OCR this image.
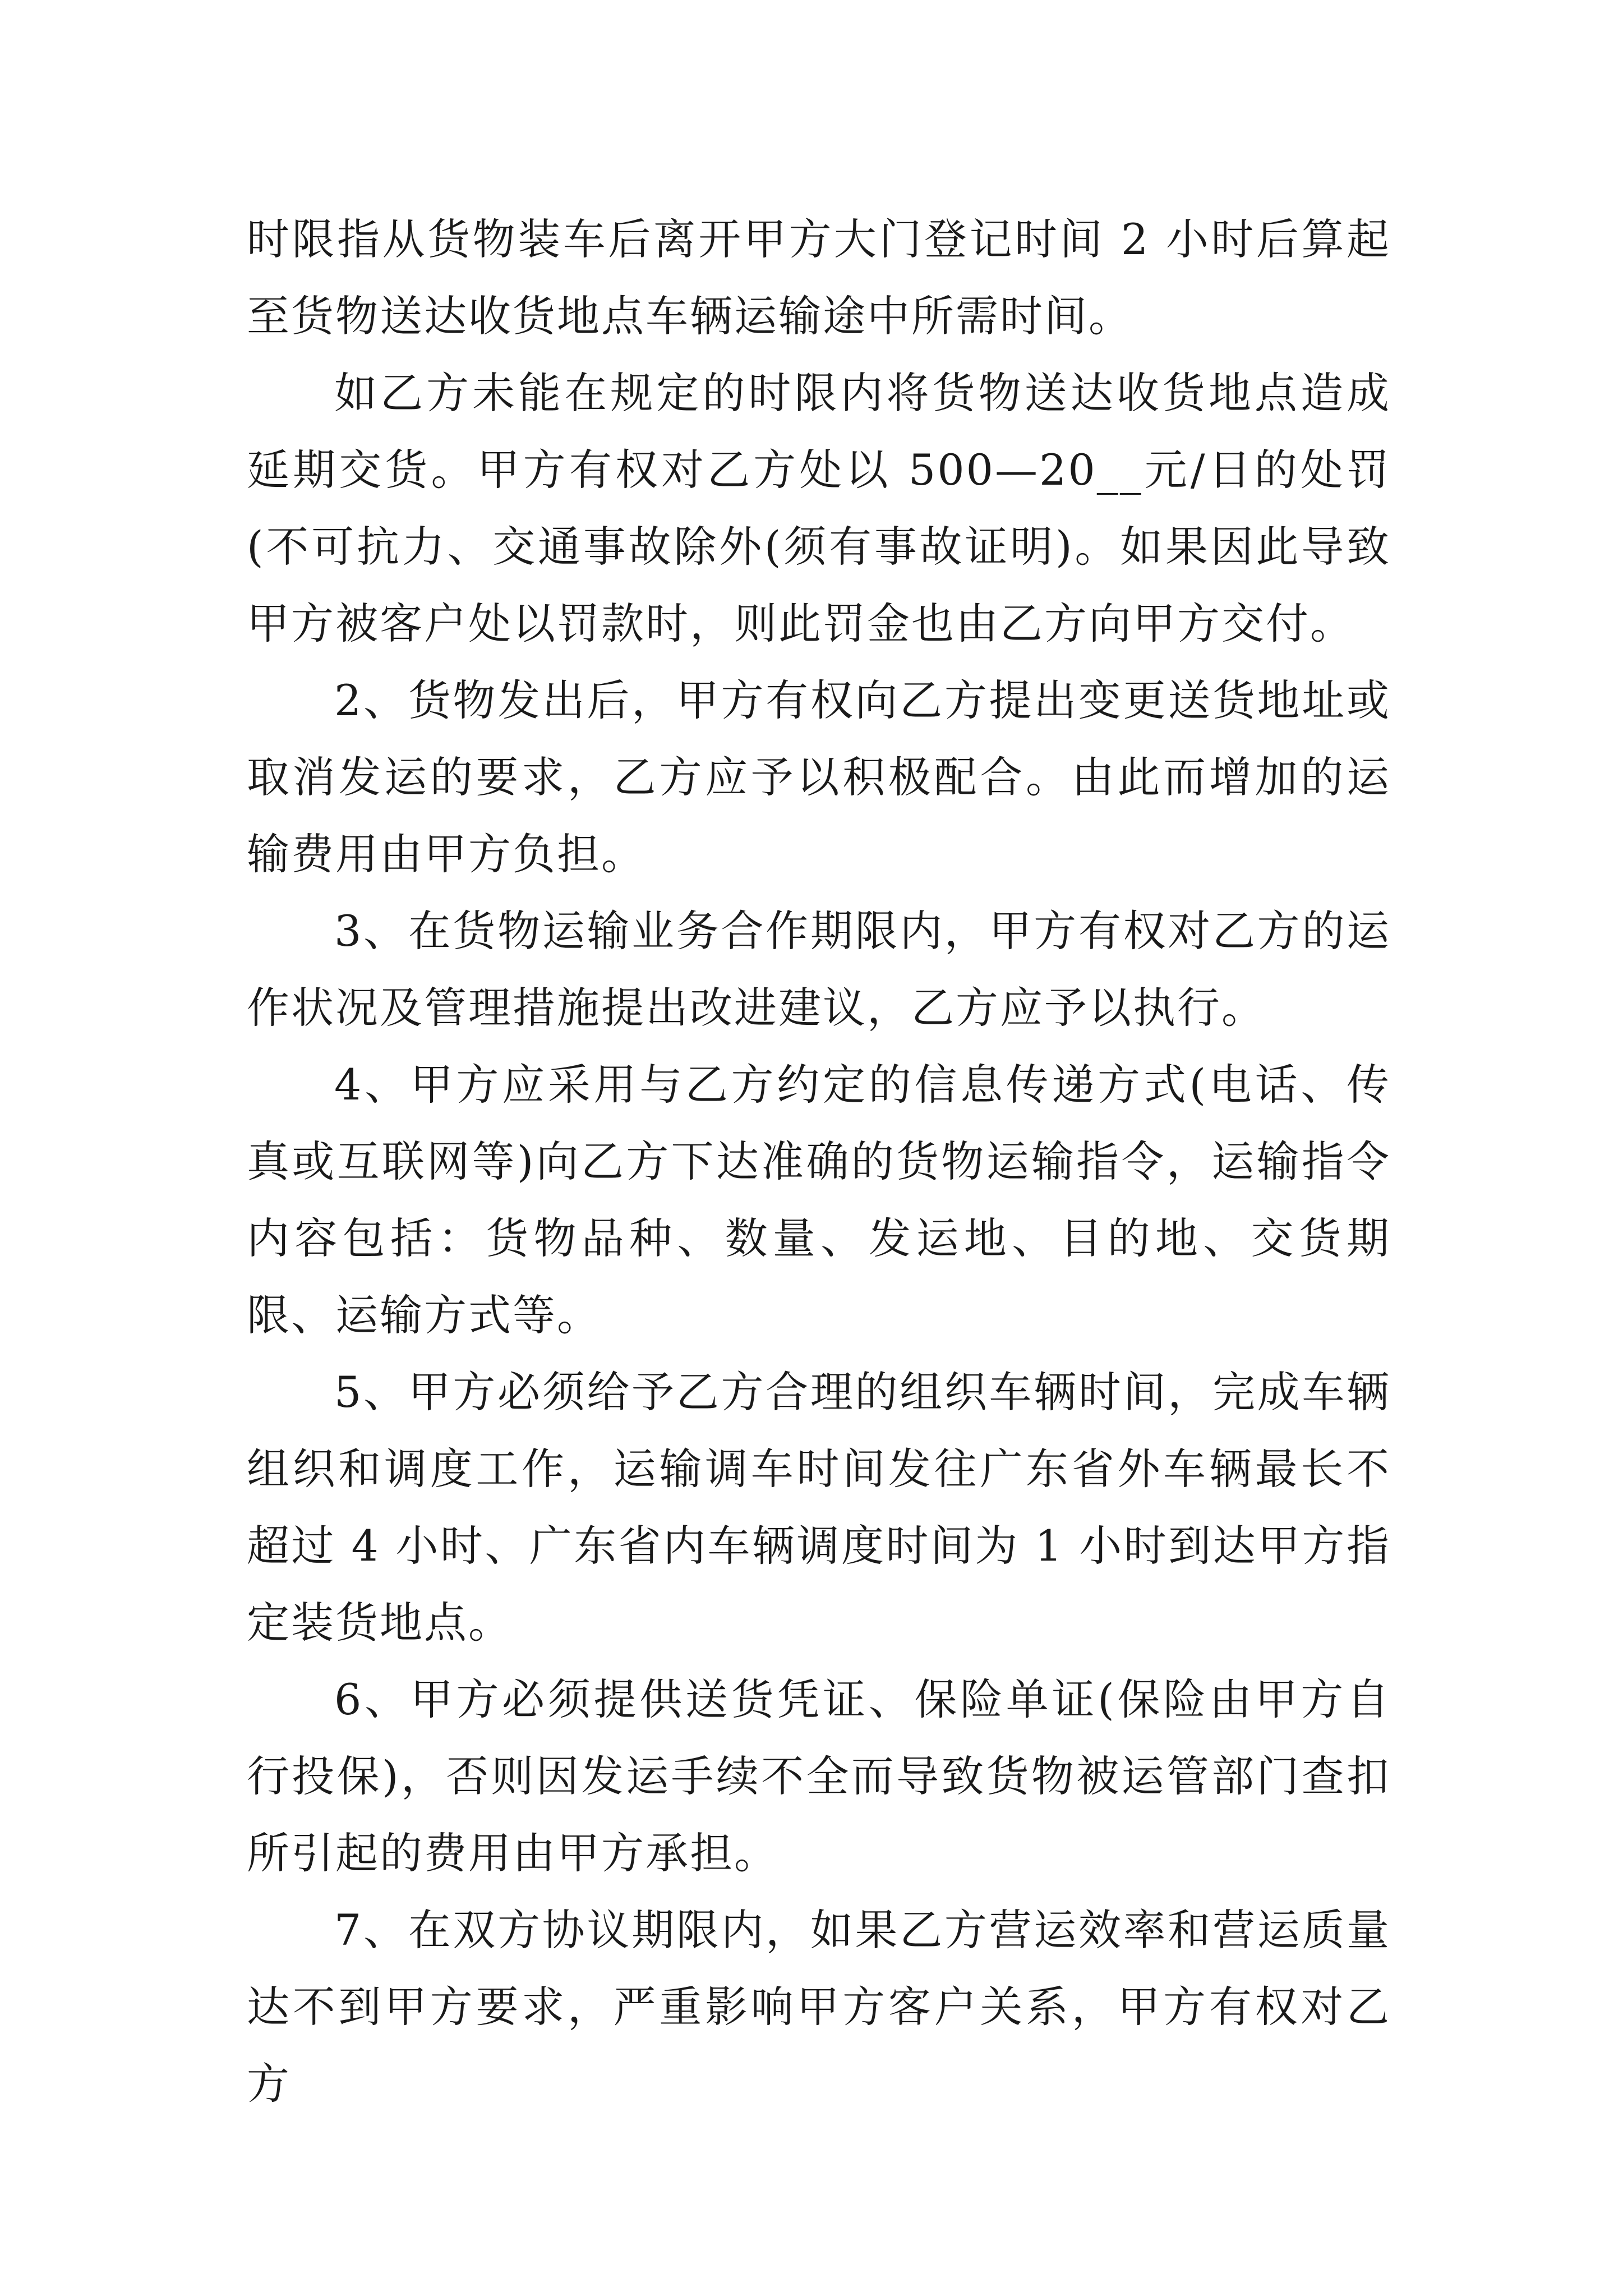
时限指从货物装车后离开甲方大门登记时间 2 小时后算起至货物送达收货地点车辆运输途中所需时间。

如乙方未能在规定的时限内将货物送达收货地点造成延期交货。甲方有权对乙方处以 500—20__元/日的处罚(不可抗力、交通事故除外(须有事故证明)。如果因此导致甲方被客户处以罚款时，则此罚金也由乙方向甲方交付。

2、货物发出后，甲方有权向乙方提出变更送货地址或取消发运的要求，乙方应予以积极配合。由此而增加的运输费用由甲方负担。

3、在货物运输业务合作期限内，甲方有权对乙方的运作状况及管理措施提出改进建议，乙方应予以执行。

4、甲方应采用与乙方约定的信息传递方式(电话、传真或互联网等)向乙方下达准确的货物运输指令，运输指令内容包括：货物品种、数量、发运地、目的地、交货期限、运输方式等。

5、甲方必须给予乙方合理的组织车辆时间，完成车辆组织和调度工作，运输调车时间发往广东省外车辆最长不超过 4 小时、广东省内车辆调度时间为 1 小时到达甲方指定装货地点。

6、甲方必须提供送货凭证、保险单证(保险由甲方自行投保)，否则因发运手续不全而导致货物被运管部门查扣所引起的费用由甲方承担。

7、在双方协议期限内，如果乙方营运效率和营运质量达不到甲方要求，严重影响甲方客户关系，甲方有权对乙方
